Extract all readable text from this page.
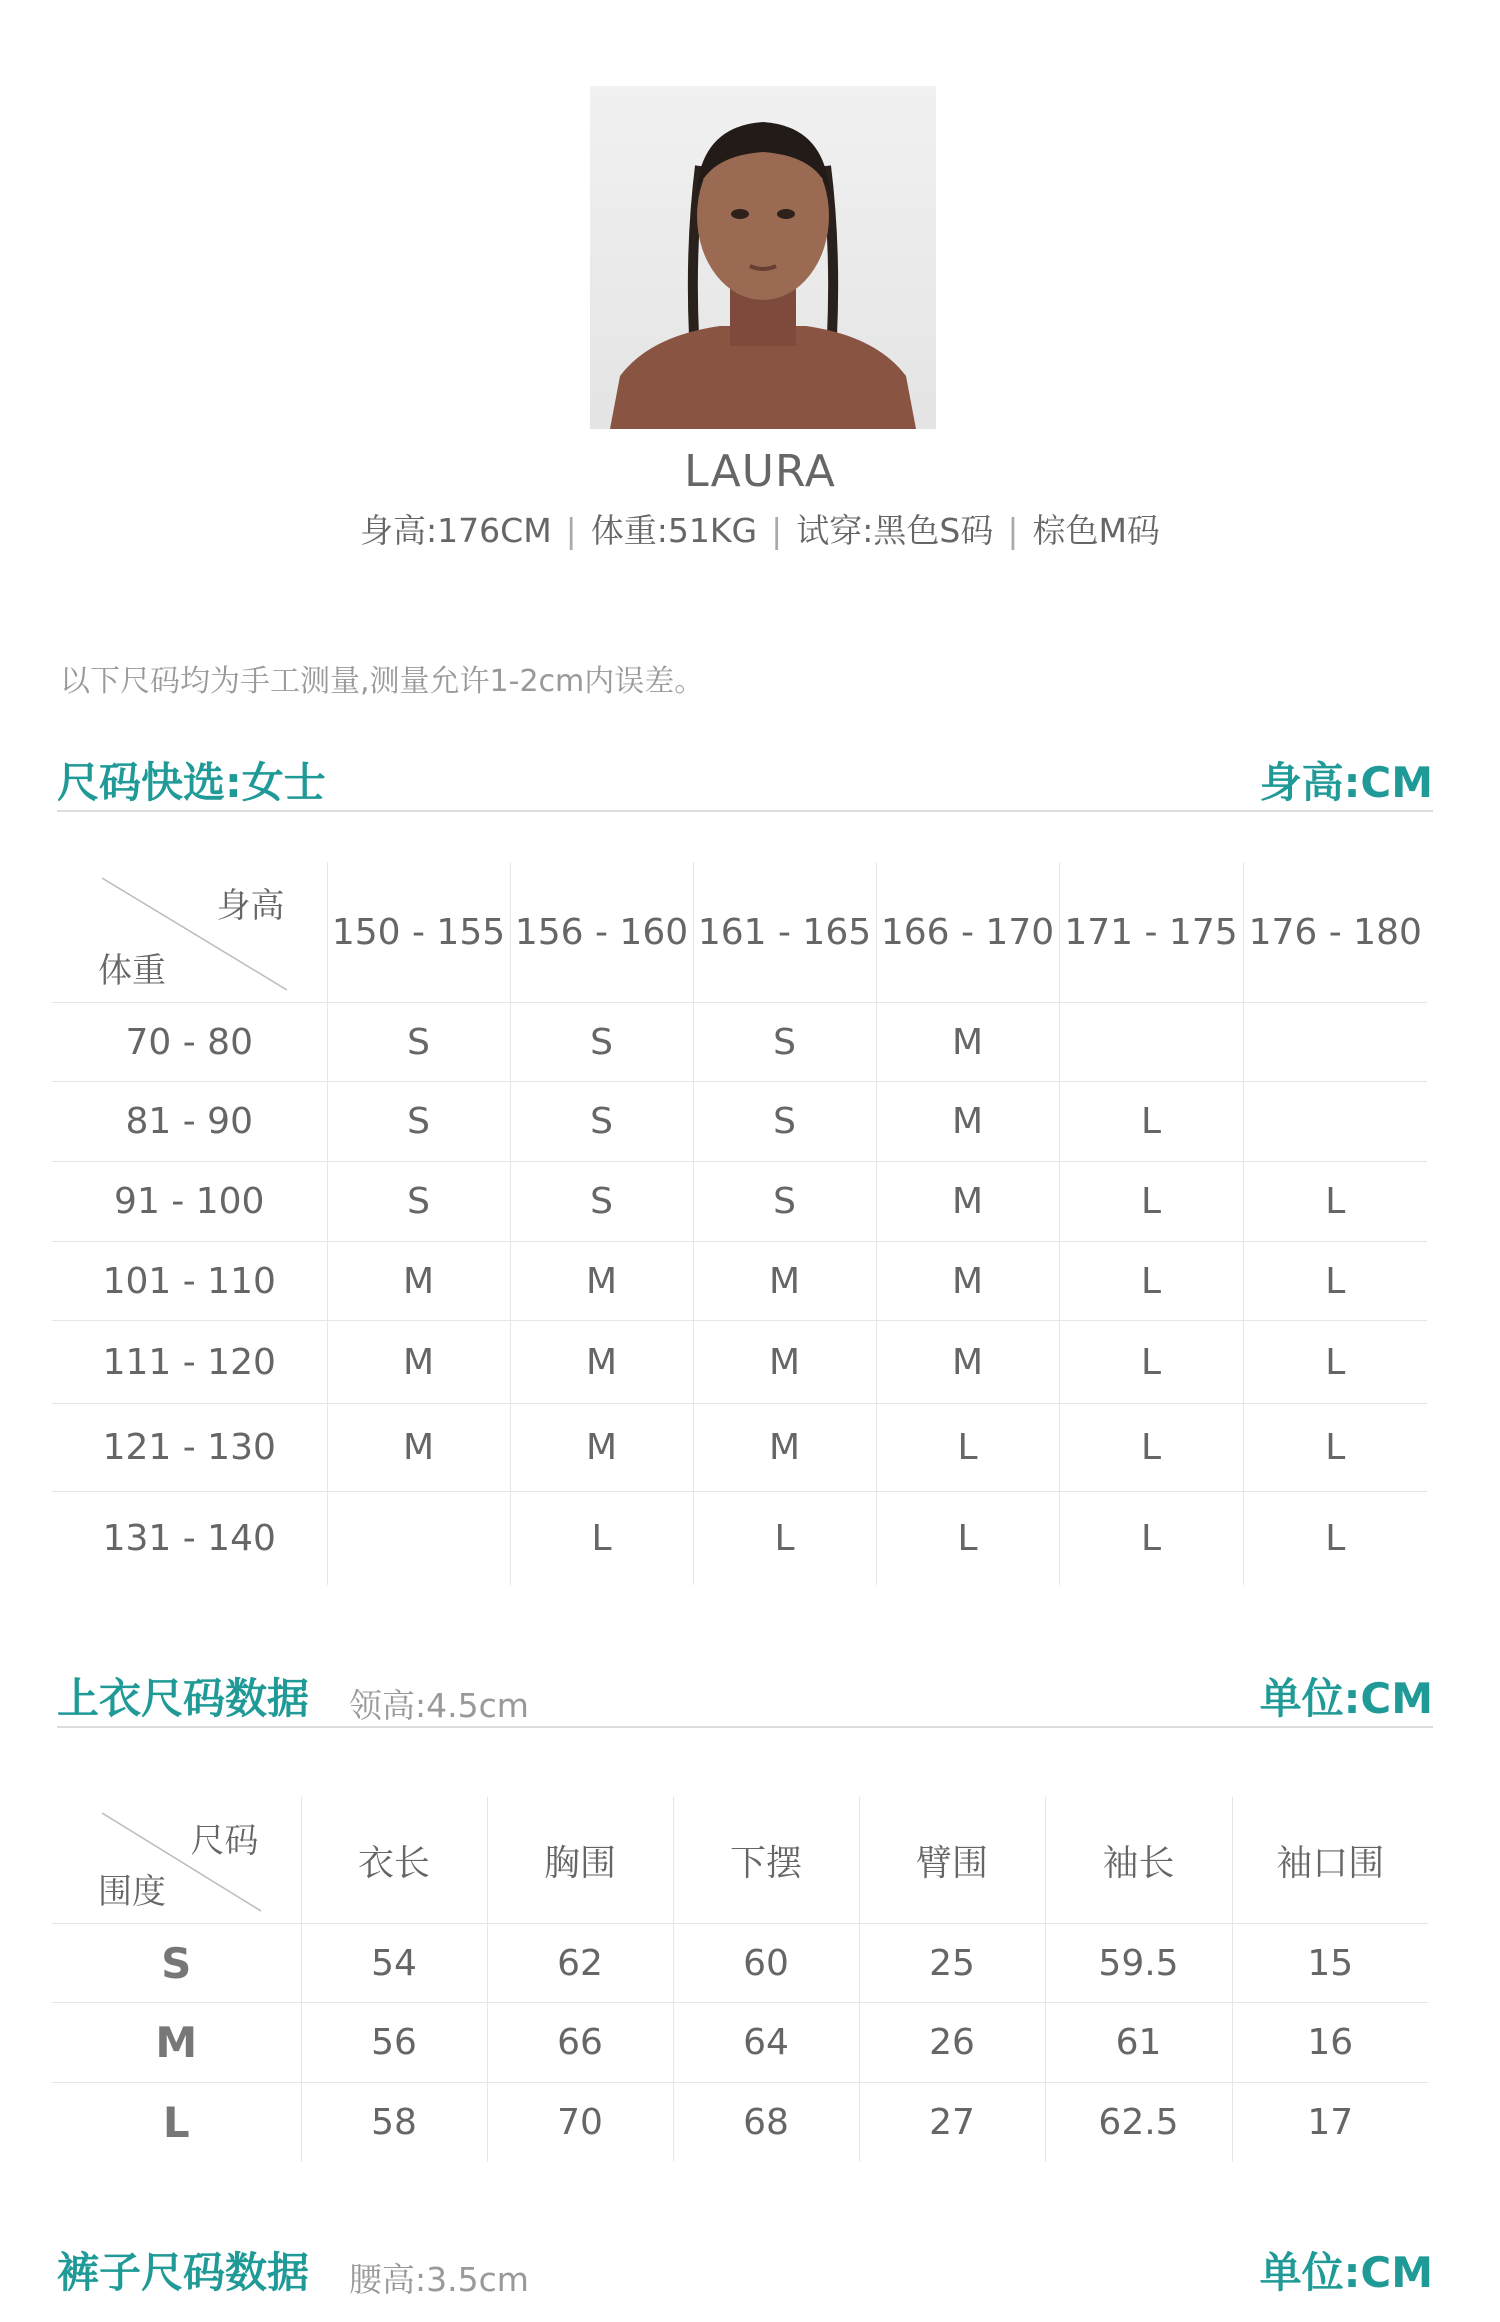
LAURA
身高:176CM | 体重:51KG | 试穿:黑色S码 | 棕色M码
以下尺码均为手工测量,测量允许1-2cm内误差。
尺码快选:女士	身高:CM
身高
体重	150 - 155	156 - 160	161 - 165	166 - 170	171 - 175	176 - 180
70 - 80	S	S	S	M		
81 - 90	S	S	S	M	L	
91 - 100	S	S	S	M	L	L
101 - 110	M	M	M	M	L	L
111 - 120	M	M	M	M	L	L
121 - 130	M	M	M	L	L	L
131 - 140		L	L	L	L	L
上衣尺码数据 领高:4.5cm	单位:CM
尺码
围度	衣长	胸围	下摆	臂围	袖长	袖口围
S	54	62	60	25	59.5	15
M	56	66	64	26	61	16
L	58	70	68	27	62.5	17
裤子尺码数据 腰高:3.5cm	单位:CM
